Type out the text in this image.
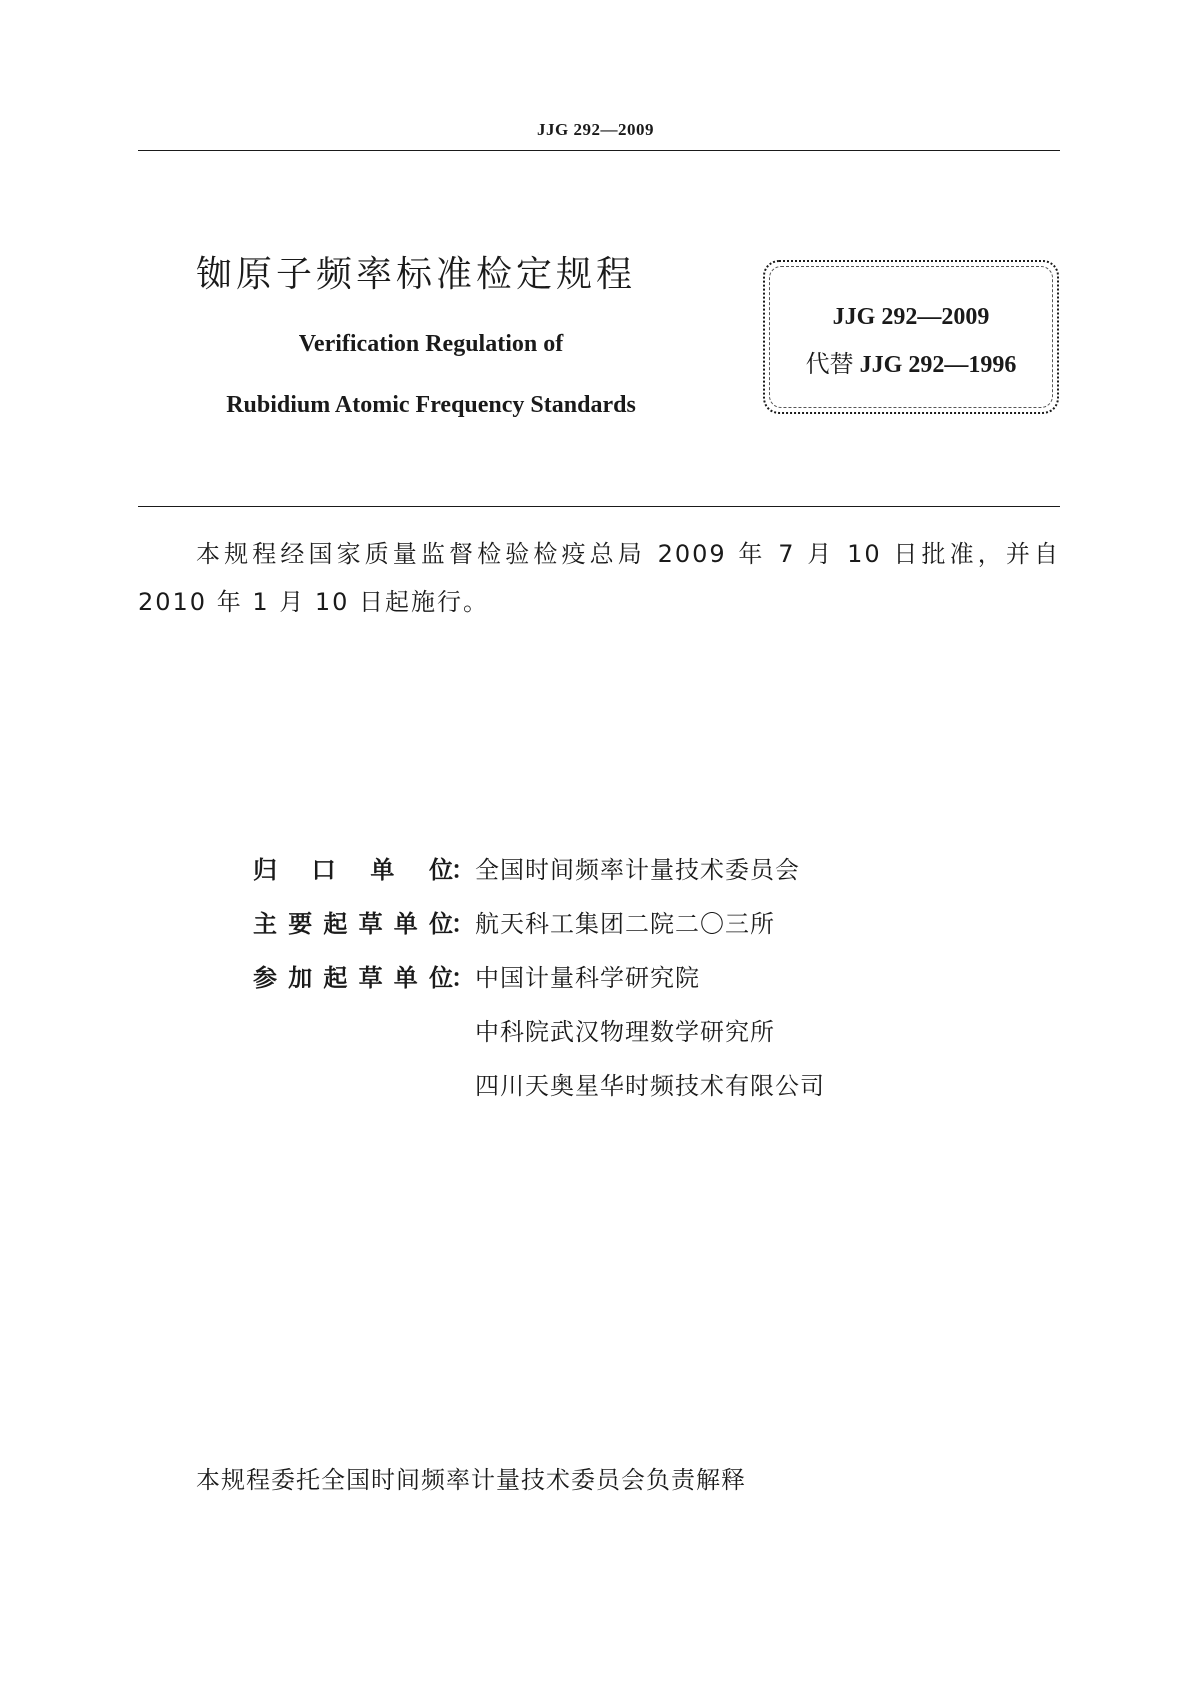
JJG 292—2009
铷原子频率标准检定规程
Verification Regulation of
Rubidium Atomic Frequency Standards
JJG 292—2009
代替 JJG 292—1996
本规程经国家质量监督检验检疫总局 2009 年 7 月 10 日批准，并自 2010 年 1 月 10 日起施行。
归口单位
： 全国时间频率计量技术委员会
主要起草单位
： 航天科工集团二院二〇三所
参加起草单位
： 中国计量科学研究院
中科院武汉物理数学研究所
四川天奥星华时频技术有限公司
本规程委托全国时间频率计量技术委员会负责解释
